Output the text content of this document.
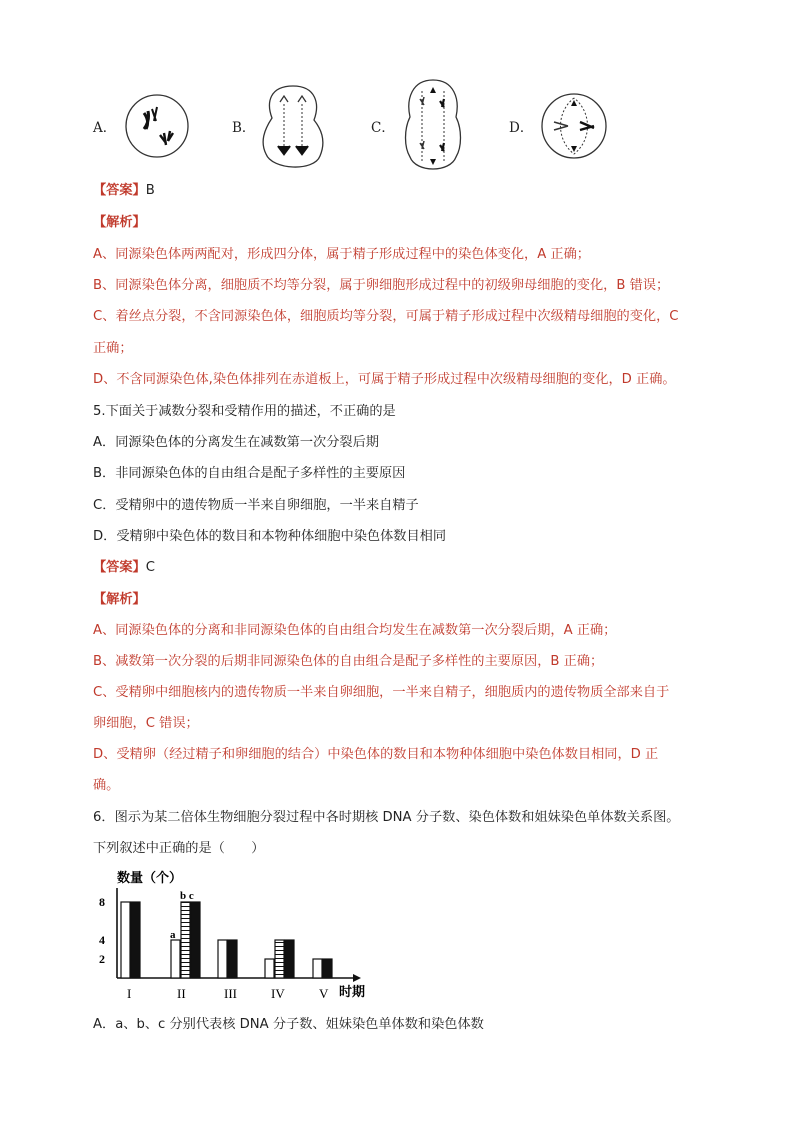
A．	B．	C．	D．
【答案】B
【解析】
A、同源染色体两两配对，形成四分体，属于精子形成过程中的染色体变化，A 正确；
B、同源染色体分离，细胞质不均等分裂，属于卵细胞形成过程中的初级卵母细胞的变化，B 错误；
C、着丝点分裂，不含同源染色体，细胞质均等分裂，可属于精子形成过程中次级精母细胞的变化，C
正确；
D、不含同源染色体,染色体排列在赤道板上，可属于精子形成过程中次级精母细胞的变化，D 正确。
5.下面关于减数分裂和受精作用的描述，不正确的是
A．同源染色体的分离发生在减数第一次分裂后期
B．非同源染色体的自由组合是配子多样性的主要原因
C．受精卵中的遗传物质一半来自卵细胞，一半来自精子
D．受精卵中染色体的数目和本物种体细胞中染色体数目相同
【答案】C
【解析】
A、同源染色体的分离和非同源染色体的自由组合均发生在减数第一次分裂后期，A 正确；
B、减数第一次分裂的后期非同源染色体的自由组合是配子多样性的主要原因，B 正确；
C、受精卵中细胞核内的遗传物质一半来自卵细胞，一半来自精子，细胞质内的遗传物质全部来自于
卵细胞，C 错误；
D、受精卵（经过精子和卵细胞的结合）中染色体的数目和本物种体细胞中染色体数目相同，D 正
确。
6．图示为某二倍体生物细胞分裂过程中各时期核 DNA 分子数、染色体数和姐妹染色单体数关系图。
下列叙述中正确的是（　　）
数量（个）
时期
2
4
8
a
b c
I	II	III	IV	V
A．a、b、c 分别代表核 DNA 分子数、姐妹染色单体数和染色体数
